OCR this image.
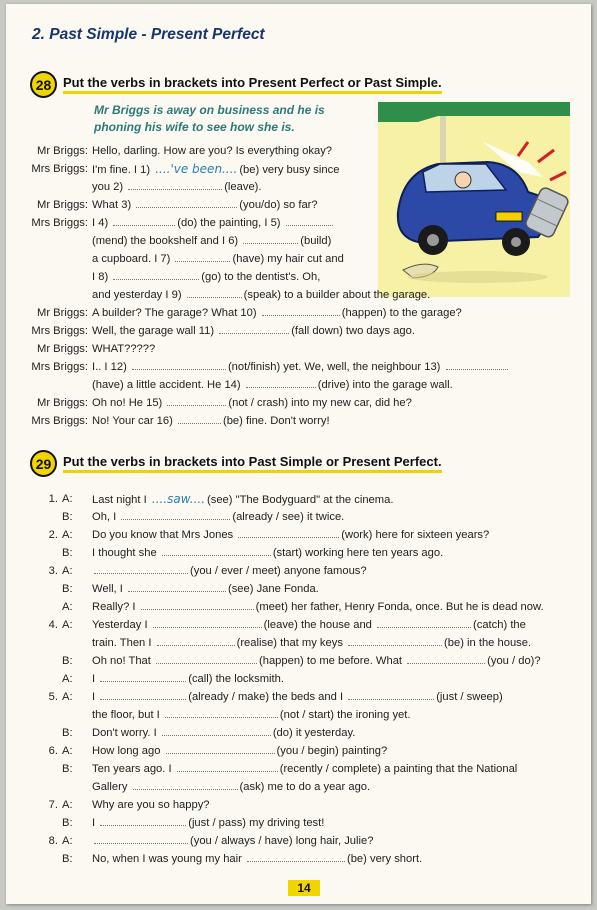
2. Past Simple - Present Perfect
28 Put the verbs in brackets into Present Perfect or Past Simple.
Mr Briggs is away on business and he is phoning his wife to see how she is.
Mr Briggs: Hello, darling. How are you? Is everything okay?
Mrs Briggs: I'm fine. I 1) ....'ve been.... (be) very busy since
you 2)	(leave).
Mr Briggs: What 3)	(you/do) so far?
Mrs Briggs: I 4)	(do) the painting, I 5)
(mend) the bookshelf and I 6)	(build)
a cupboard. I 7)	(have) my hair cut and
I 8)	(go) to the dentist's. Oh,
and yesterday I 9)	(speak) to a builder about the garage.
Mr Briggs: A builder? The garage? What 10)	(happen) to the garage?
Mrs Briggs: Well, the garage wall 11)	(fall down) two days ago.
Mr Briggs: WHAT?????
Mrs Briggs: I.. I 12)	(not/finish) yet. We, well, the neighbour 13)
(have) a little accident. He 14)	(drive) into the garage wall.
Mr Briggs: Oh no! He 15)	(not / crash) into my new car, did he?
Mrs Briggs: No! Your car 16)	(be) fine. Don't worry!
29 Put the verbs in brackets into Past Simple or Present Perfect.
1. A:	Last night I ....saw.... (see) "The Bodyguard" at the cinema.
B:	Oh, I	(already / see) it twice.
2. A:	Do you know that Mrs Jones	(work) here for sixteen years?
B:	I thought she	(start) working here ten years ago.
3. A:	(you / ever / meet) anyone famous?
B:	Well, I	(see) Jane Fonda.
A:	Really? I	(meet) her father, Henry Fonda, once. But he is dead now.
4. A:	Yesterday I	(leave) the house and	(catch) the
train. Then I	(realise) that my keys	(be) in the house.
B:	Oh no! That	(happen) to me before. What	(you / do)?
A:	I	(call) the locksmith.
5. A:	I	(already / make) the beds and I	(just / sweep)
the floor, but I	(not / start) the ironing yet.
B:	Don't worry. I	(do) it yesterday.
6. A:	How long ago	(you / begin) painting?
B:	Ten years ago. I	(recently / complete) a painting that the National
Gallery	(ask) me to do a year ago.
7. A:	Why are you so happy?
B:	I	(just / pass) my driving test!
8. A:	(you / always / have) long hair, Julie?
B:	No, when I was young my hair	(be) very short.
14
